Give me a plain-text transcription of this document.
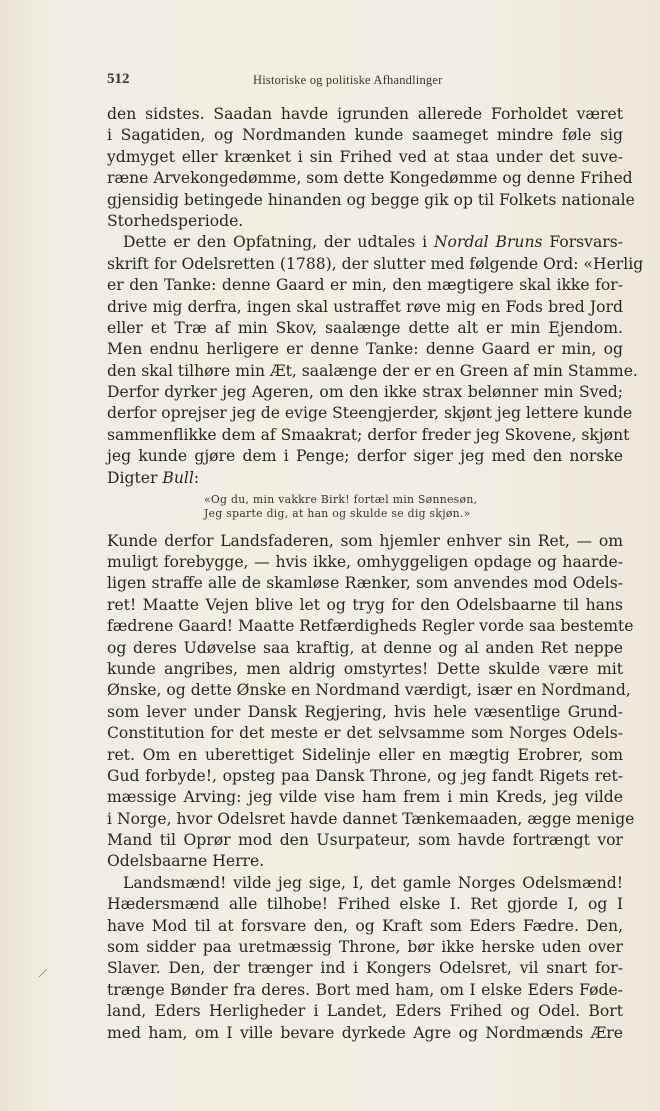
512	Historiske og politiske Afhandlinger
den sidstes. Saadan havde igrunden allerede Forholdet været
i Sagatiden, og Nordmanden kunde saameget mindre føle sig
ydmyget eller krænket i sin Frihed ved at staa under det suve-
ræne Arvekongedømme, som dette Kongedømme og denne Frihed
gjensidig betingede hinanden og begge gik op til Folkets nationale
Storhedsperiode.
Dette er den Opfatning, der udtales i Nordal Bruns Forsvars-
skrift for Odelsretten (1788), der slutter med følgende Ord: «Herlig
er den Tanke: denne Gaard er min, den mægtigere skal ikke for-
drive mig derfra, ingen skal ustraffet røve mig en Fods bred Jord
eller et Træ af min Skov, saalænge dette alt er min Ejendom.
Men endnu herligere er denne Tanke: denne Gaard er min, og
den skal tilhøre min Æt, saalænge der er en Green af min Stamme.
Derfor dyrker jeg Ageren, om den ikke strax belønner min Sved;
derfor oprejser jeg de evige Steengjerder, skjønt jeg lettere kunde
sammenflikke dem af Smaakrat; derfor freder jeg Skovene, skjønt
jeg kunde gjøre dem i Penge; derfor siger jeg med den norske
Digter Bull:
«Og du, min vakkre Birk! fortæl min Sønnesøn,
Jeg sparte dig, at han og skulde se dig skjøn.»
Kunde derfor Landsfaderen, som hjemler enhver sin Ret, — om
muligt forebygge, — hvis ikke, omhyggeligen opdage og haarde-
ligen straffe alle de skamløse Rænker, som anvendes mod Odels-
ret! Maatte Vejen blive let og tryg for den Odelsbaarne til hans
fædrene Gaard! Maatte Retfærdigheds Regler vorde saa bestemte
og deres Udøvelse saa kraftig, at denne og al anden Ret neppe
kunde angribes, men aldrig omstyrtes! Dette skulde være mit
Ønske, og dette Ønske en Nordmand værdigt, især en Nordmand,
som lever under Dansk Regjering, hvis hele væsentlige Grund-
Constitution for det meste er det selvsamme som Norges Odels-
ret. Om en uberettiget Sidelinje eller en mægtig Erobrer, som
Gud forbyde!, opsteg paa Dansk Throne, og jeg fandt Rigets ret-
mæssige Arving: jeg vilde vise ham frem i min Kreds, jeg vilde
i Norge, hvor Odelsret havde dannet Tænkemaaden, ægge menige
Mand til Oprør mod den Usurpateur, som havde fortrængt vor
Odelsbaarne Herre.
Landsmænd! vilde jeg sige, I, det gamle Norges Odelsmænd!
Hædersmænd alle tilhobe! Frihed elske I. Ret gjorde I, og I
have Mod til at forsvare den, og Kraft som Eders Fædre. Den,
som sidder paa uretmæssig Throne, bør ikke herske uden over
Slaver. Den, der trænger ind i Kongers Odelsret, vil snart for-
trænge Bønder fra deres. Bort med ham, om I elske Eders Føde-
land, Eders Herligheder i Landet, Eders Frihed og Odel. Bort
med ham, om I ville bevare dyrkede Agre og Nordmænds Ære
